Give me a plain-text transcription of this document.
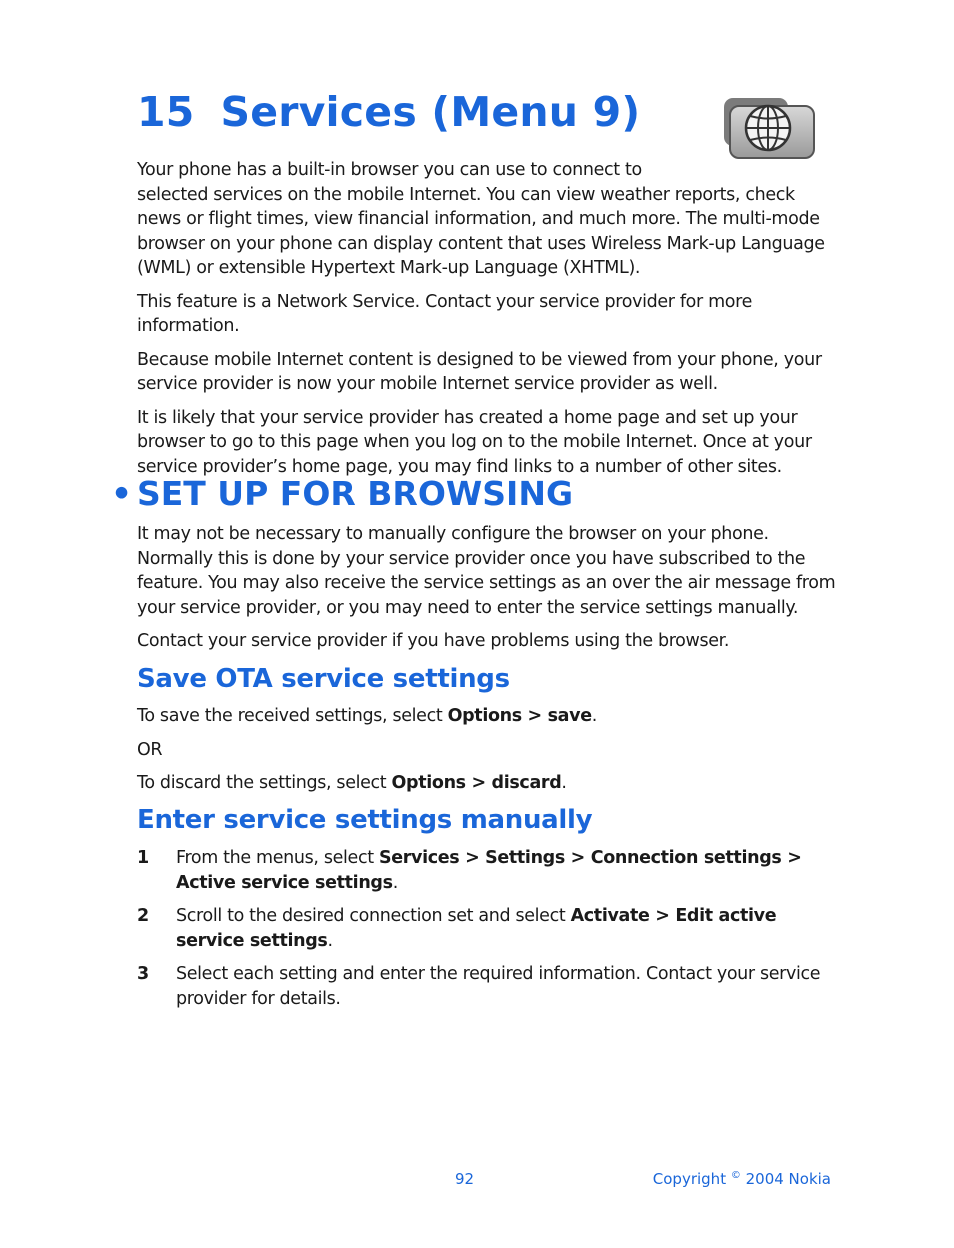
15 Services (Menu 9)

Your phone has a built-in browser you can use to connect to
selected services on the mobile Internet. You can view weather reports, check news or flight times, view financial information, and much more. The multi-mode browser on your phone can display content that uses Wireless Mark-up Language (WML) or extensible Hypertext Mark-up Language (XHTML).

This feature is a Network Service. Contact your service provider for more information.

Because mobile Internet content is designed to be viewed from your phone, your service provider is now your mobile Internet service provider as well.

It is likely that your service provider has created a home page and set up your browser to go to this page when you log on to the mobile Internet. Once at your service provider’s home page, you may find links to a number of other sites.

• SET UP FOR BROWSING

It may not be necessary to manually configure the browser on your phone. Normally this is done by your service provider once you have subscribed to the feature. You may also receive the service settings as an over the air message from your service provider, or you may need to enter the service settings manually.

Contact your service provider if you have problems using the browser.

Save OTA service settings

To save the received settings, select Options > save.

OR

To discard the settings, select Options > discard.

Enter service settings manually
1	From the menus, select Services > Settings > Connection settings > Active service settings.
2	Scroll to the desired connection set and select Activate > Edit active service settings.
3	Select each setting and enter the required information. Contact your service provider for details.
92	Copyright © 2004 Nokia
